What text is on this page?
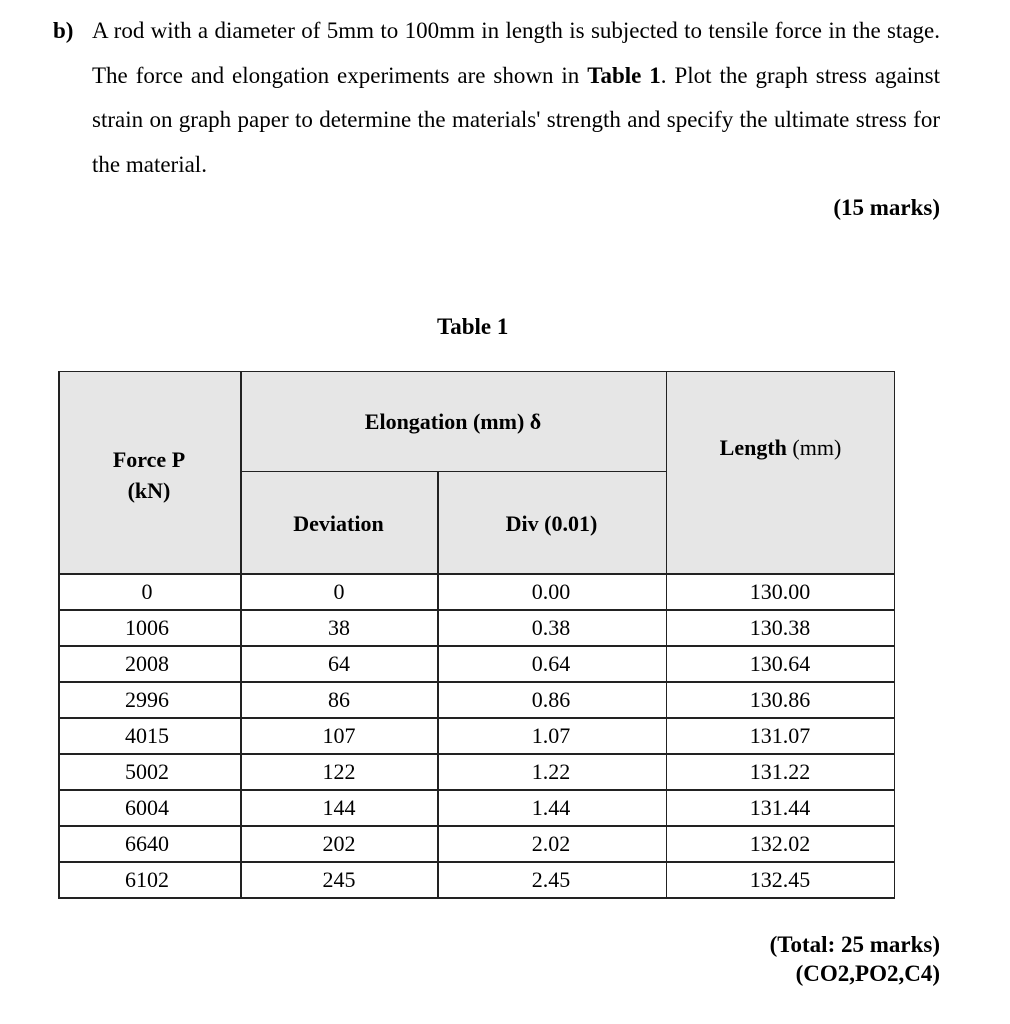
b) A rod with a diameter of 5mm to 100mm in length is subjected to tensile force in the stage. The force and elongation experiments are shown in Table 1. Plot the graph stress against strain on graph paper to determine the materials' strength and specify the ultimate stress for the material.
(15 marks)
Table 1
Force P
(kN)
Elongation (mm) δ
Deviation	Div (0.01)
Length (mm)
0	0	0.00	130.00
1006	38	0.38	130.38
2008	64	0.64	130.64
2996	86	0.86	130.86
4015	107	1.07	131.07
5002	122	1.22	131.22
6004	144	1.44	131.44
6640	202	2.02	132.02
6102	245	2.45	132.45
(Total: 25 marks)
(CO2,PO2,C4)
